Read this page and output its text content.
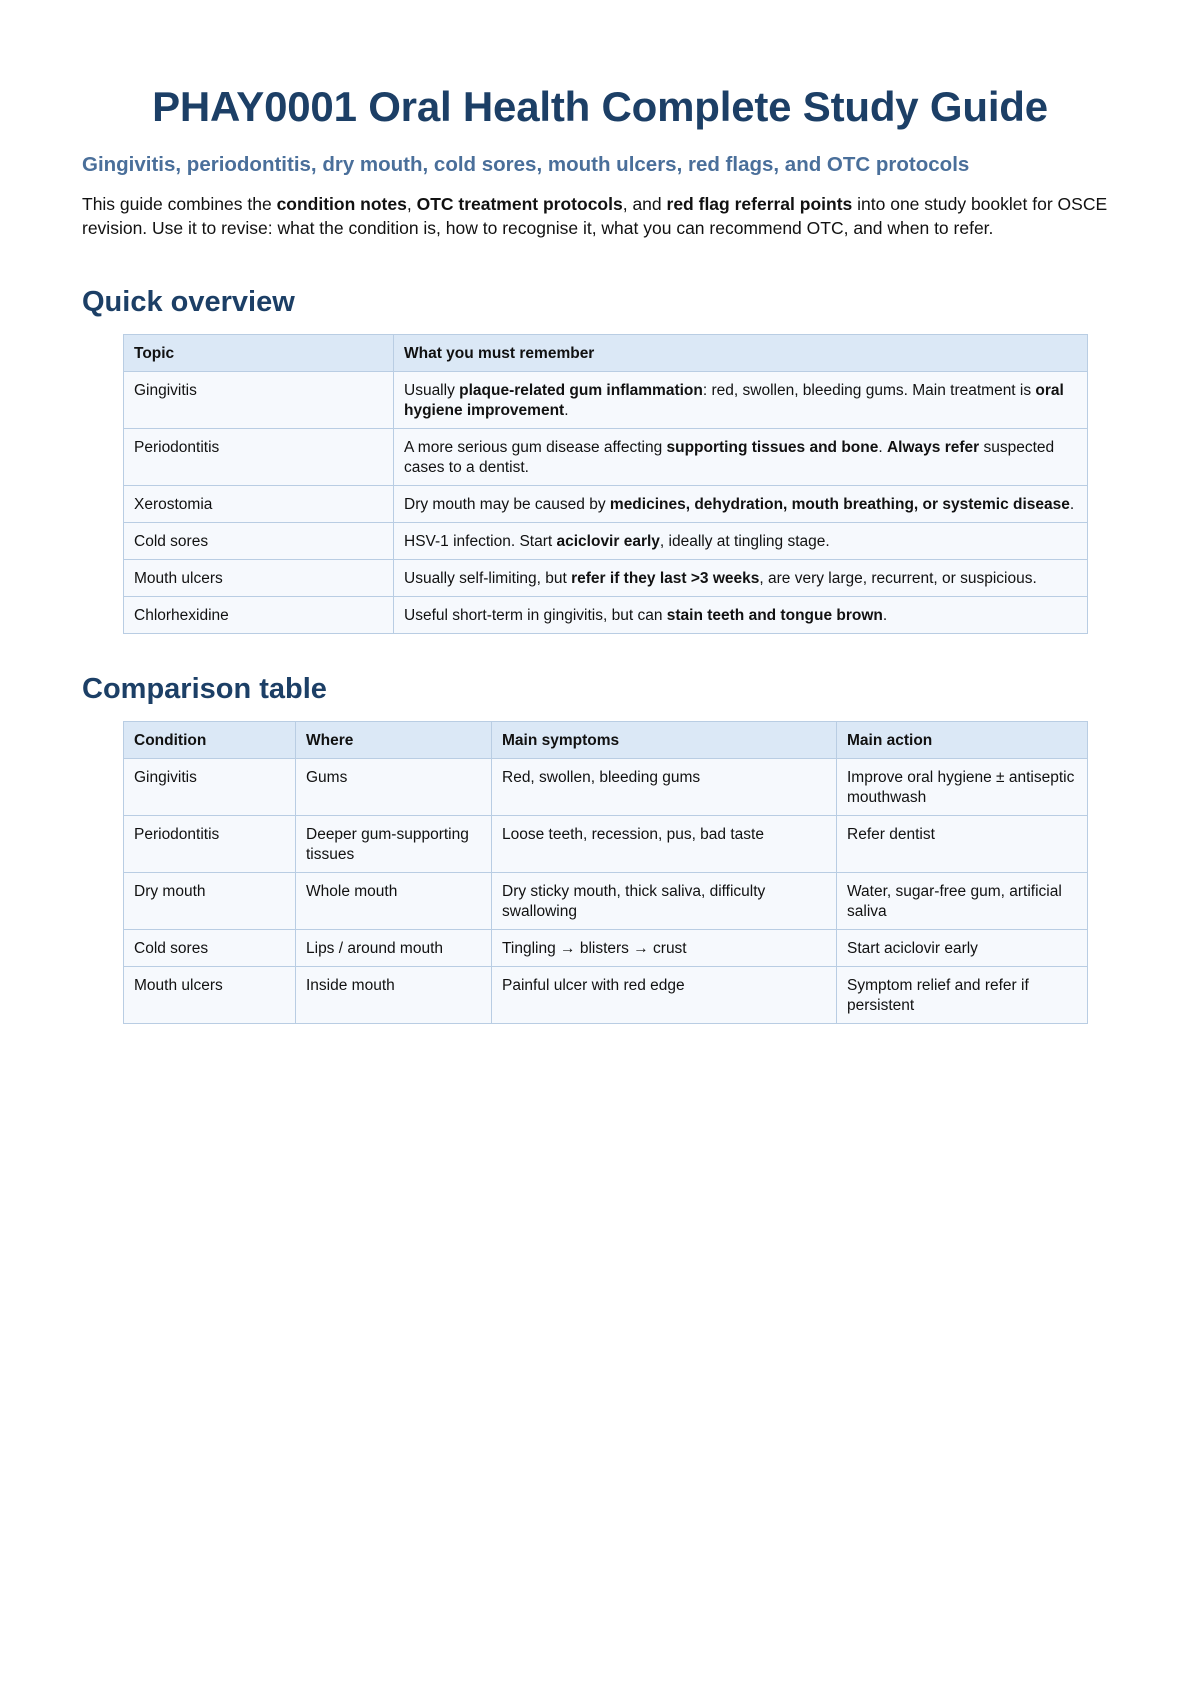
PHAY0001 Oral Health Complete Study Guide

Gingivitis, periodontitis, dry mouth, cold sores, mouth ulcers, red flags, and OTC protocols

This guide combines the condition notes, OTC treatment protocols, and red flag referral points into one study booklet for OSCE revision. Use it to revise: what the condition is, how to recognise it, what you can recommend OTC, and when to refer.

Quick overview
Topic	What you must remember
Gingivitis	Usually plaque-related gum inflammation: red, swollen, bleeding gums. Main treatment is oral hygiene improvement.
Periodontitis	A more serious gum disease affecting supporting tissues and bone. Always refer suspected cases to a dentist.
Xerostomia	Dry mouth may be caused by medicines, dehydration, mouth breathing, or systemic disease.
Cold sores	HSV-1 infection. Start aciclovir early, ideally at tingling stage.
Mouth ulcers	Usually self-limiting, but refer if they last >3 weeks, are very large, recurrent, or suspicious.
Chlorhexidine	Useful short-term in gingivitis, but can stain teeth and tongue brown.
Comparison table
Condition	Where	Main symptoms	Main action
Gingivitis	Gums	Red, swollen, bleeding gums	Improve oral hygiene ± antiseptic mouthwash
Periodontitis	Deeper gum-supporting tissues	Loose teeth, recession, pus, bad taste	Refer dentist
Dry mouth	Whole mouth	Dry sticky mouth, thick saliva, difficulty swallowing	Water, sugar-free gum, artificial saliva
Cold sores	Lips / around mouth	Tingling → blisters → crust	Start aciclovir early
Mouth ulcers	Inside mouth	Painful ulcer with red edge	Symptom relief and refer if persistent
